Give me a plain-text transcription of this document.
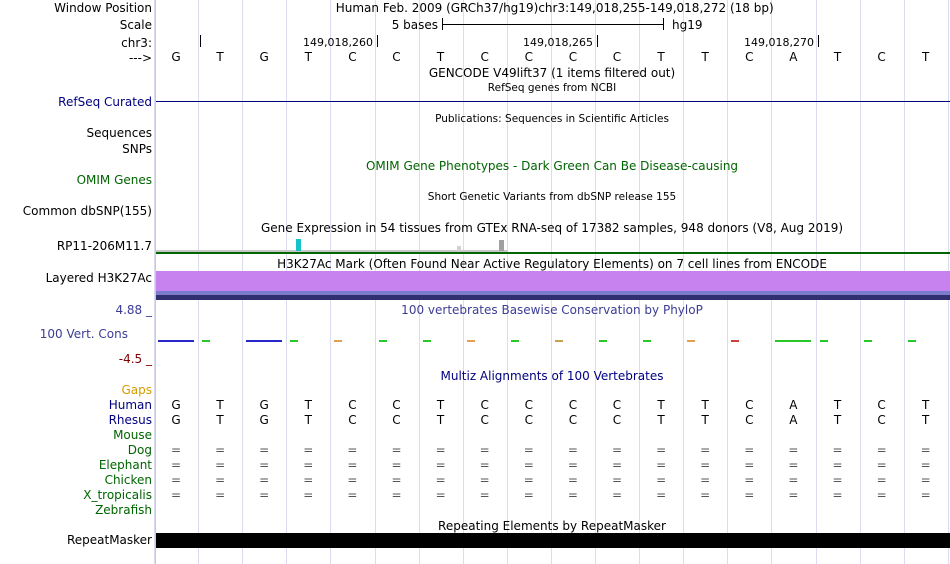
Window Position	Human Feb. 2009 (GRCh37/hg19) chr3:149,018,255-149,018,272 (18 bp)
Scale	5 bases	hg19
chr3:
--->
GENCODE V49lift37 (1 items filtered out)
RefSeq genes from NCBI
RefSeq Curated
Publications: Sequences in Scientific Articles
Sequences
SNPs
OMIM Gene Phenotypes - Dark Green Can Be Disease-causing
OMIM Genes
Short Genetic Variants from dbSNP release 155
Common dbSNP(155)
Gene Expression in 54 tissues from GTEx RNA-seq of 17382 samples, 948 donors (V8, Aug 2019)
RP11-206M11.7
H3K27Ac Mark (Often Found Near Active Regulatory Elements) on 7 cell lines from ENCODE
Layered H3K27Ac
100 vertebrates Basewise Conservation by PhyloP
4.88 _
100 Vert. Cons
-4.5 _
Multiz Alignments of 100 Vertebrates
Gaps
Repeating Elements by RepeatMasker
RepeatMasker
149,018,260	149,018,265	149,018,270
G	T	G	T	C	C	T	C	C	C	C	T	T	C	A	T	C	T
Human G	T	G	T	C	C	T	C	C	C	C	T	T	C	A	T	C	T
Rhesus G	T	G	T	C	C	T	C	C	C	C	T	T	C	A	T	C	T
Mouse
Dog =	=	=	=	=	=	=	=	=	=	=	=	=	=	=	=	=	=
Elephant =	=	=	=	=	=	=	=	=	=	=	=	=	=	=	=	=	=
Chicken =	=	=	=	=	=	=	=	=	=	=	=	=	=	=	=	=	=
X_tropicalis =	=	=	=	=	=	=	=	=	=	=	=	=	=	=	=	=	=
Zebrafish
